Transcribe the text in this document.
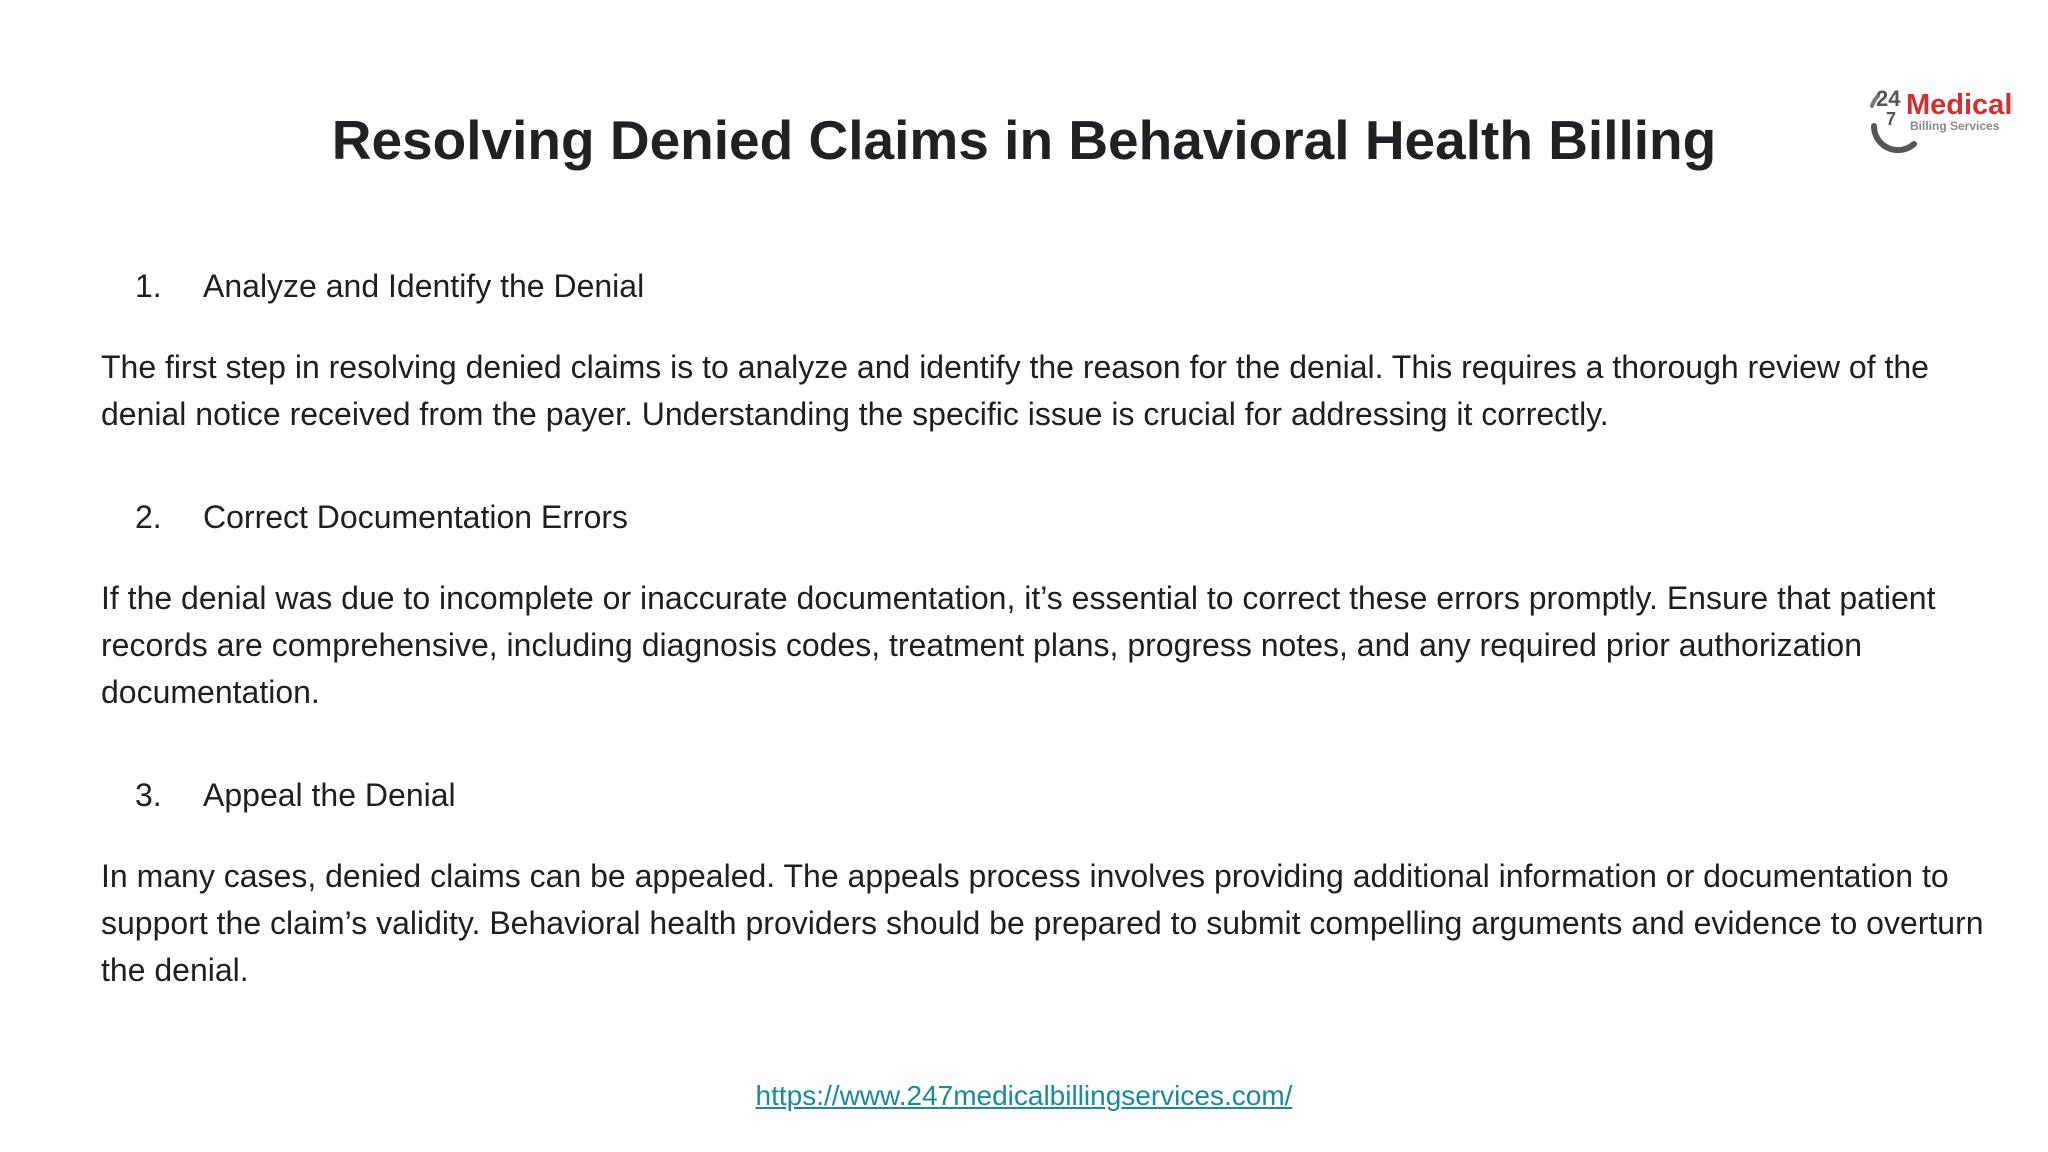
Resolving Denied Claims in Behavioral Health Billing
24
7 Medical
Billing Services

1. Analyze and Identify the Denial

The first step in resolving denied claims is to analyze and identify the reason for the denial. This requires a thorough review of the denial notice received from the payer. Understanding the specific issue is crucial for addressing it correctly.

2. Correct Documentation Errors

If the denial was due to incomplete or inaccurate documentation, it’s essential to correct these errors promptly. Ensure that patient records are comprehensive, including diagnosis codes, treatment plans, progress notes, and any required prior authorization documentation.

3. Appeal the Denial

In many cases, denied claims can be appealed. The appeals process involves providing additional information or documentation to support the claim’s validity. Behavioral health providers should be prepared to submit compelling arguments and evidence to overturn the denial.

https://www.247medicalbillingservices.com/
